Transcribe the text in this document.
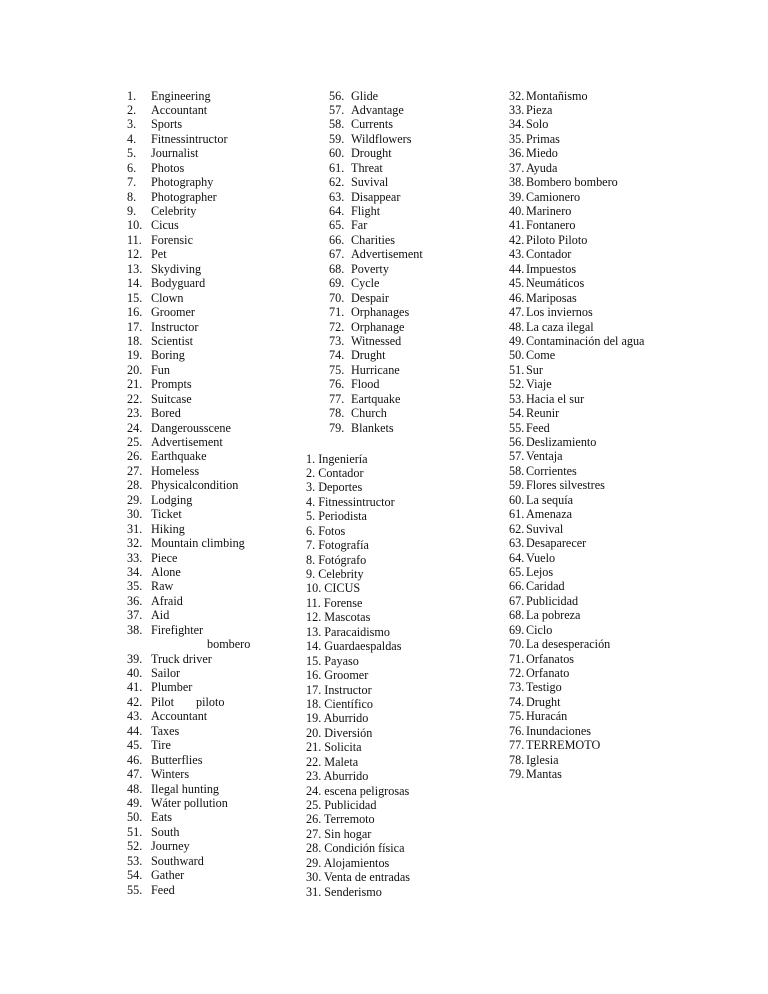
1. Engineering
2. Accountant
3. Sports
4. Fitnessintructor
5. Journalist
6. Photos
7. Photography
8. Photographer
9. Celebrity
10. Cicus
11. Forensic
12. Pet
13. Skydiving
14. Bodyguard
15. Clown
16. Groomer
17. Instructor
18. Scientist
19. Boring
20. Fun
21. Prompts
22. Suitcase
23. Bored
24. Dangerousscene
25. Advertisement
26. Earthquake
27. Homeless
28. Physicalcondition
29. Lodging
30. Ticket
31. Hiking
32. Mountain climbing
33. Piece
34. Alone
35. Raw
36. Afraid
37. Aid
38. Firefighter
bombero
39. Truck driver
40. Sailor
41. Plumber
42. Pilot piloto
43. Accountant
44. Taxes
45. Tire
46. Butterflies
47. Winters
48. Ilegal hunting
49. Wáter pollution
50. Eats
51. South
52. Journey
53. Southward
54. Gather
55. Feed
56. Glide
57. Advantage
58. Currents
59. Wildflowers
60. Drought
61. Threat
62. Suvival
63. Disappear
64. Flight
65. Far
66. Charities
67. Advertisement
68. Poverty
69. Cycle
70. Despair
71. Orphanages
72. Orphanage
73. Witnessed
74. Drught
75. Hurricane
76. Flood
77. Eartquake
78. Church
79. Blankets
1. Ingeniería
2. Contador
3. Deportes
4. Fitnessintructor
5. Periodista
6. Fotos
7. Fotografía
8. Fotógrafo
9. Celebrity
10. CICUS
11. Forense
12. Mascotas
13. Paracaidismo
14. Guardaespaldas
15. Payaso
16. Groomer
17. Instructor
18. Científico
19. Aburrido
20. Diversión
21. Solicita
22. Maleta
23. Aburrido
24. escena peligrosas
25. Publicidad
26. Terremoto
27. Sin hogar
28. Condición física
29. Alojamientos
30. Venta de entradas
31. Senderismo
32. Montañismo
33. Pieza
34. Solo
35. Primas
36. Miedo
37. Ayuda
38. Bombero bombero
39. Camionero
40. Marinero
41. Fontanero
42. Piloto Piloto
43. Contador
44. Impuestos
45. Neumáticos
46. Mariposas
47. Los inviernos
48. La caza ilegal
49. Contaminación del agua
50. Come
51. Sur
52. Viaje
53. Hacia el sur
54. Reunir
55. Feed
56. Deslizamiento
57. Ventaja
58. Corrientes
59. Flores silvestres
60. La sequía
61. Amenaza
62. Suvival
63. Desaparecer
64. Vuelo
65. Lejos
66. Caridad
67. Publicidad
68. La pobreza
69. Ciclo
70. La desesperación
71. Orfanatos
72. Orfanato
73. Testigo
74. Drught
75. Huracán
76. Inundaciones
77. TERREMOTO
78. Iglesia
79. Mantas
